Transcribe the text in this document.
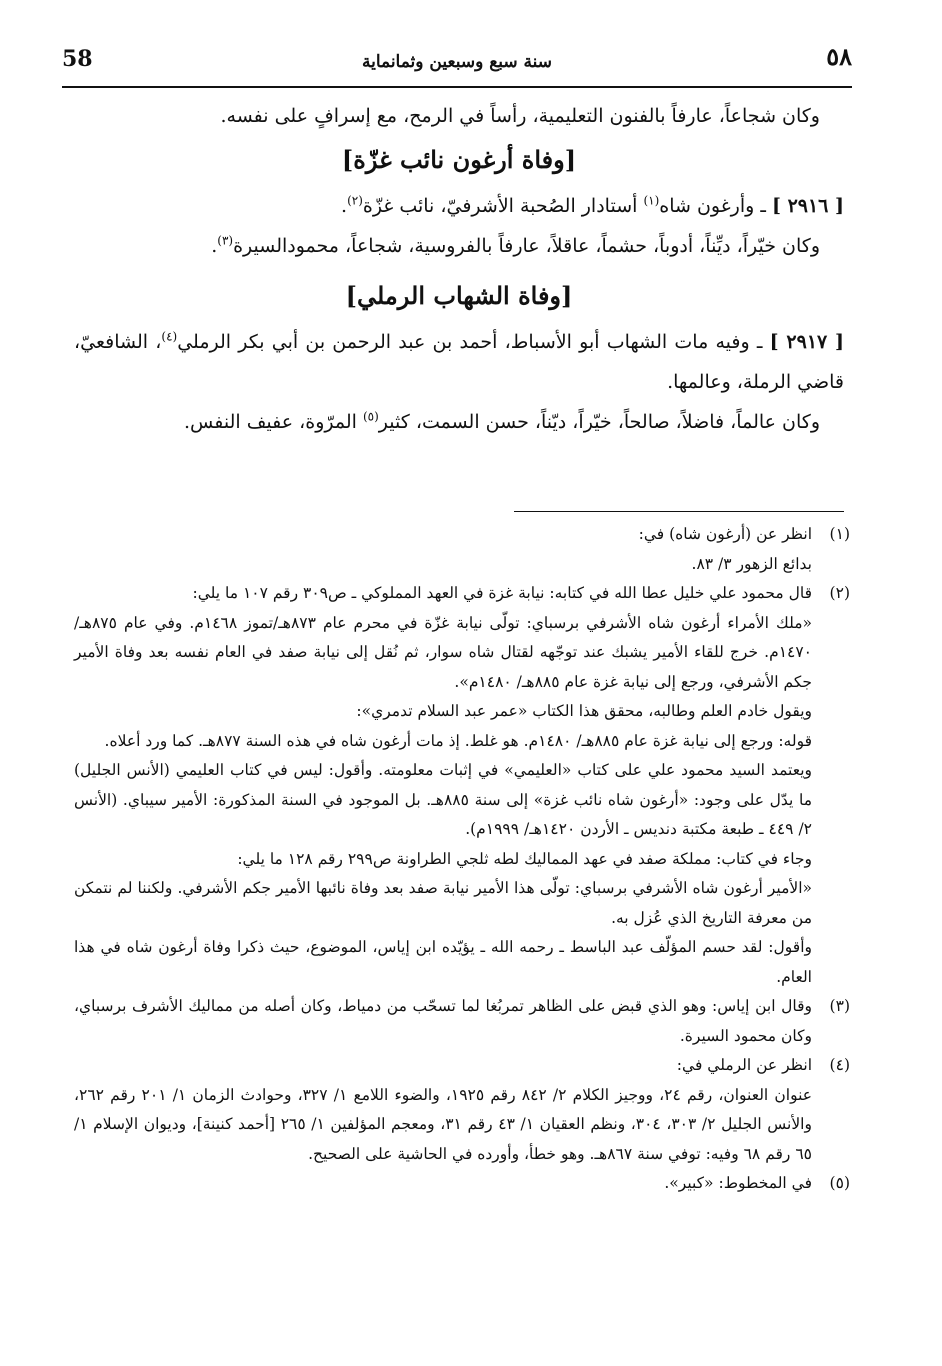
58	سنة سبع وسبعين وثمانماية	٥٨

وكان شجاعاً، عارفاً بالفنون التعليمية، رأساً في الرمح، مع إسرافٍ على نفسه.

[وفاة أرغون نائب غزّة]

[ ٢٩١٦ ] ـ وأرغون شاه$^{(١)}$ أستادار الصُحبة الأشرفيّ، نائب غزّة$^{(٢)}$.

وكان خيّراً، ديِّناً، أدوباً، حشماً، عاقلاً، عارفاً بالفروسية، شجاعاً، محمودالسيرة$^{(٣)}$.

[وفاة الشهاب الرملي]

[ ٢٩١٧ ] ـ وفيه مات الشهاب أبو الأسباط، أحمد بن عبد الرحمن بن أبي بكر الرملي$^{(٤)}$، الشافعيّ، قاضي الرملة، وعالمها.

وكان عالماً، فاضلاً، صالحاً، خيّراً، ديّناً، حسن السمت، كثير$^{(٥)}$ المرّوة، عفيف النفس.

(١)

انظر عن (أرغون شاه) في:

بدائع الزهور ٣/ ٨٣.

(٢)

قال محمود علي خليل عطا الله في كتابه: نيابة غزة في العهد المملوكي ـ ص٣٠٩ رقم ١٠٧ ما يلي:

«ملك الأمراء أرغون شاه الأشرفي برسباي: تولّى نيابة غزّة في محرم عام ٨٧٣هـ/تموز ١٤٦٨م. وفي عام ٨٧٥هـ/ ١٤٧٠م. خرج للقاء الأمير يشبك عند توجّهه لقتال شاه سوار، ثم نُقل إلى نيابة صفد في العام نفسه بعد وفاة الأمير جكم الأشرفي، ورجع إلى نيابة غزة عام ٨٨٥هـ/ ١٤٨٠م».

ويقول خادم العلم وطالبه، محقق هذا الكتاب «عمر عبد السلام تدمري»:

قوله: ورجع إلى نيابة غزة عام ٨٨٥هـ/ ١٤٨٠م. هو غلط. إذ مات أرغون شاه في هذه السنة ٨٧٧هـ. كما ورد أعلاه.

ويعتمد السيد محمود علي على كتاب «العليمي» في إثبات معلومته. وأقول: ليس في كتاب العليمي (الأنس الجليل) ما يدّل على وجود: «أرغون شاه نائب غزة» إلى سنة ٨٨٥هـ. بل الموجود في السنة المذكورة: الأمير سيباي. (الأنس ٢/ ٤٤٩ ـ طبعة مكتبة دنديس ـ الأردن ١٤٢٠هـ/ ١٩٩٩م).

وجاء في كتاب: مملكة صفد في عهد المماليك لطه ثلجي الطراونة ص٢٩٩ رقم ١٢٨ ما يلي:

«الأمير أرغون شاه الأشرفي برسباي: تولّى هذا الأمير نيابة صفد بعد وفاة نائبها الأمير جكم الأشرفي. ولكننا لم نتمكن من معرفة التاريخ الذي عُزل به.

وأقول: لقد حسم المؤلّف عبد الباسط ـ رحمه الله ـ يؤيّده ابن إياس، الموضوع، حيث ذكرا وفاة أرغون شاه في هذا العام.

(٣)

وقال ابن إياس: وهو الذي قبض على الظاهر تمربُغا لما تسحّب من دمياط، وكان أصله من مماليك الأشرف برسباي، وكان محمود السيرة.

(٤)

انظر عن الرملي في:

عنوان العنوان، رقم ٢٤، ووجيز الكلام ٢/ ٨٤٢ رقم ١٩٢٥، والضوء اللامع ١/ ٣٢٧، وحوادث الزمان ١/ ٢٠١ رقم ٢٦٢، والأنس الجليل ٢/ ٣٠٣، ٣٠٤، ونظم العقيان ١/ ٤٣ رقم ٣١، ومعجم المؤلفين ١/ ٢٦٥ [أحمد كنينة]، وديوان الإسلام ١/ ٦٥ رقم ٦٨ وفيه: توفي سنة ٨٦٧هـ. وهو خطأ، وأورده في الحاشية على الصحيح.

(٥)

في المخطوط: «كبير».
